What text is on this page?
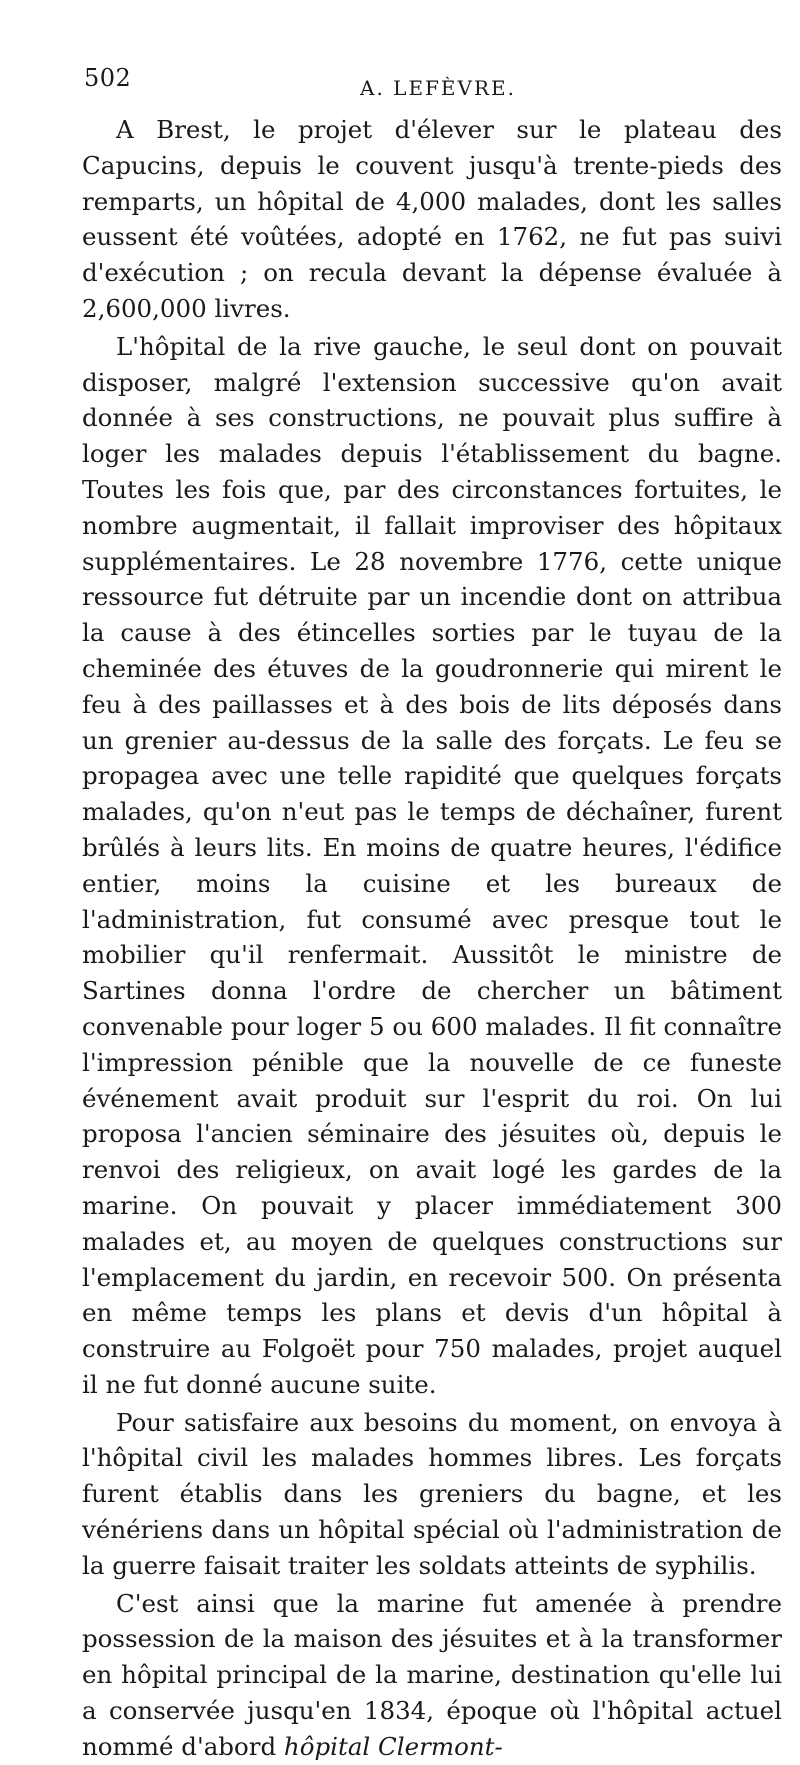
502	A. LEFÈVRE.

A Brest, le projet d'élever sur le plateau des Capucins, depuis le couvent jusqu'à trente-pieds des remparts, un hôpital de 4,000 malades, dont les salles eussent été voûtées, adopté en 1762, ne fut pas suivi d'exécution ; on recula devant la dépense évaluée à 2,600,000 livres.

L'hôpital de la rive gauche, le seul dont on pouvait disposer, malgré l'extension successive qu'on avait donnée à ses constructions, ne pouvait plus suffire à loger les malades depuis l'établissement du bagne. Toutes les fois que, par des circonstances fortuites, le nombre augmentait, il fallait improviser des hôpitaux supplémentaires. Le 28 novembre 1776, cette unique ressource fut détruite par un incendie dont on attribua la cause à des étincelles sorties par le tuyau de la cheminée des étuves de la goudronnerie qui mirent le feu à des paillasses et à des bois de lits déposés dans un grenier au-dessus de la salle des forçats. Le feu se propagea avec une telle rapidité que quelques forçats malades, qu'on n'eut pas le temps de déchaîner, furent brûlés à leurs lits. En moins de quatre heures, l'édifice entier, moins la cuisine et les bureaux de l'administration, fut consumé avec presque tout le mobilier qu'il renfermait. Aussitôt le ministre de Sartines donna l'ordre de chercher un bâtiment convenable pour loger 5 ou 600 malades. Il fit connaître l'impression pénible que la nouvelle de ce funeste événement avait produit sur l'esprit du roi. On lui proposa l'ancien séminaire des jésuites où, depuis le renvoi des religieux, on avait logé les gardes de la marine. On pouvait y placer immédiatement 300 malades et, au moyen de quelques constructions sur l'emplacement du jardin, en recevoir 500. On présenta en même temps les plans et devis d'un hôpital à construire au Folgoët pour 750 malades, projet auquel il ne fut donné aucune suite.

Pour satisfaire aux besoins du moment, on envoya à l'hôpital civil les malades hommes libres. Les forçats furent établis dans les greniers du bagne, et les vénériens dans un hôpital spécial où l'administration de la guerre faisait traiter les soldats atteints de syphilis.

C'est ainsi que la marine fut amenée à prendre possession de la maison des jésuites et à la transformer en hôpital principal de la marine, destination qu'elle lui a conservée jusqu'en 1834, époque où l'hôpital actuel nommé d'abord hôpital Clermont-
